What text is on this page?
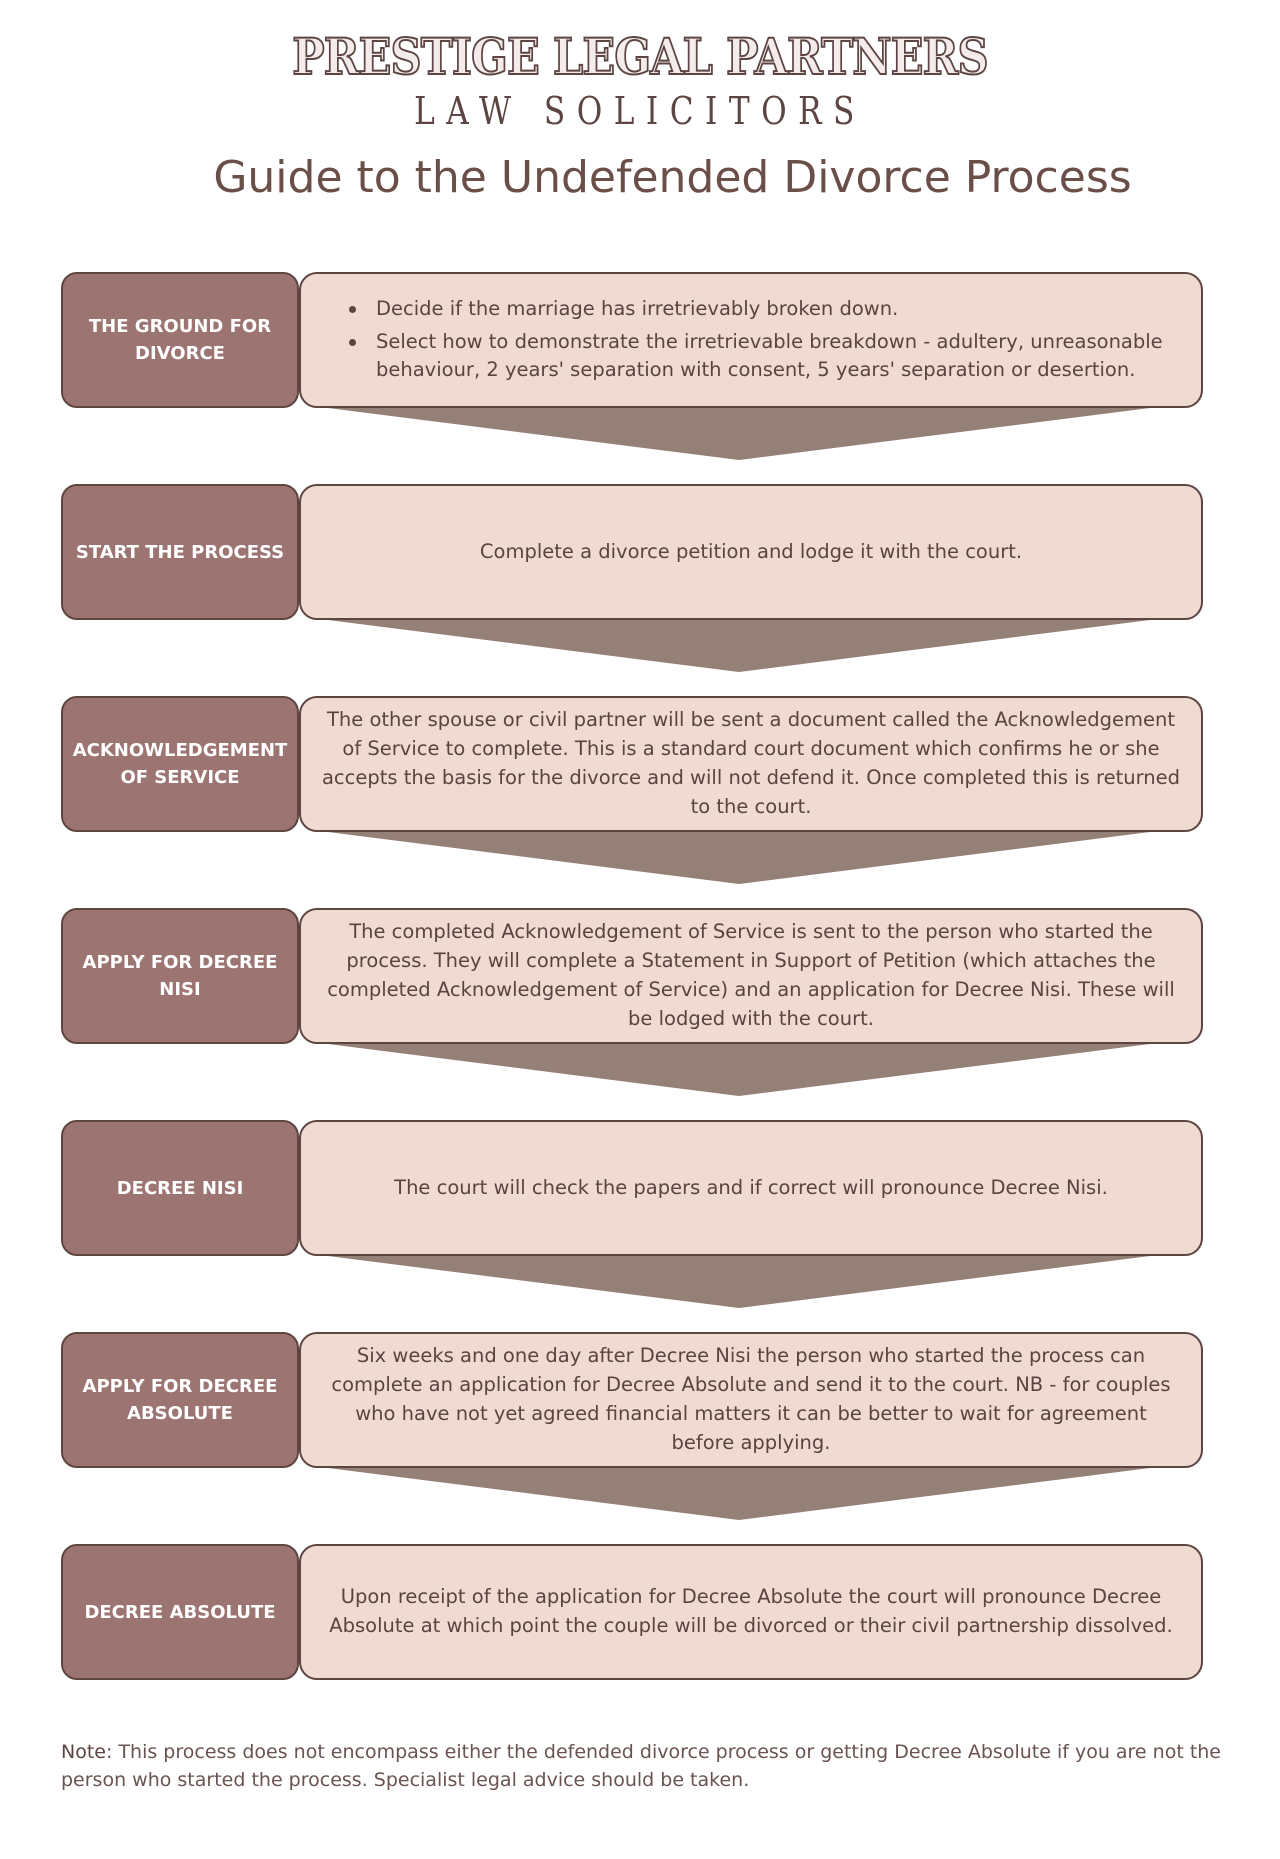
PRESTIGE LEGAL PARTNERS
LAW SOLICITORS
Guide to the Undefended Divorce Process
THE GROUND FOR DIVORCE
Decide if the marriage has irretrievably broken down.
Select how to demonstrate the irretrievable breakdown - adultery, unreasonable behaviour, 2 years' separation with consent, 5 years' separation or desertion.
START THE PROCESS	Complete a divorce petition and lodge it with the court.
ACKNOWLEDGEMENT OF SERVICE
The other spouse or civil partner will be sent a document called the Acknowledgement of Service to complete. This is a standard court document which confirms he or she accepts the basis for the divorce and will not defend it. Once completed this is returned to the court.
APPLY FOR DECREE NISI
The completed Acknowledgement of Service is sent to the person who started the process. They will complete a Statement in Support of Petition (which attaches the completed Acknowledgement of Service) and an application for Decree Nisi. These will be lodged with the court.
DECREE NISI	The court will check the papers and if correct will pronounce Decree Nisi.
APPLY FOR DECREE ABSOLUTE
Six weeks and one day after Decree Nisi the person who started the process can complete an application for Decree Absolute and send it to the court. NB - for couples who have not yet agreed financial matters it can be better to wait for agreement before applying.
DECREE ABSOLUTE
Upon receipt of the application for Decree Absolute the court will pronounce Decree Absolute at which point the couple will be divorced or their civil partnership dissolved.

Note: This process does not encompass either the defended divorce process or getting Decree Absolute if you are not the person who started the process. Specialist legal advice should be taken.
